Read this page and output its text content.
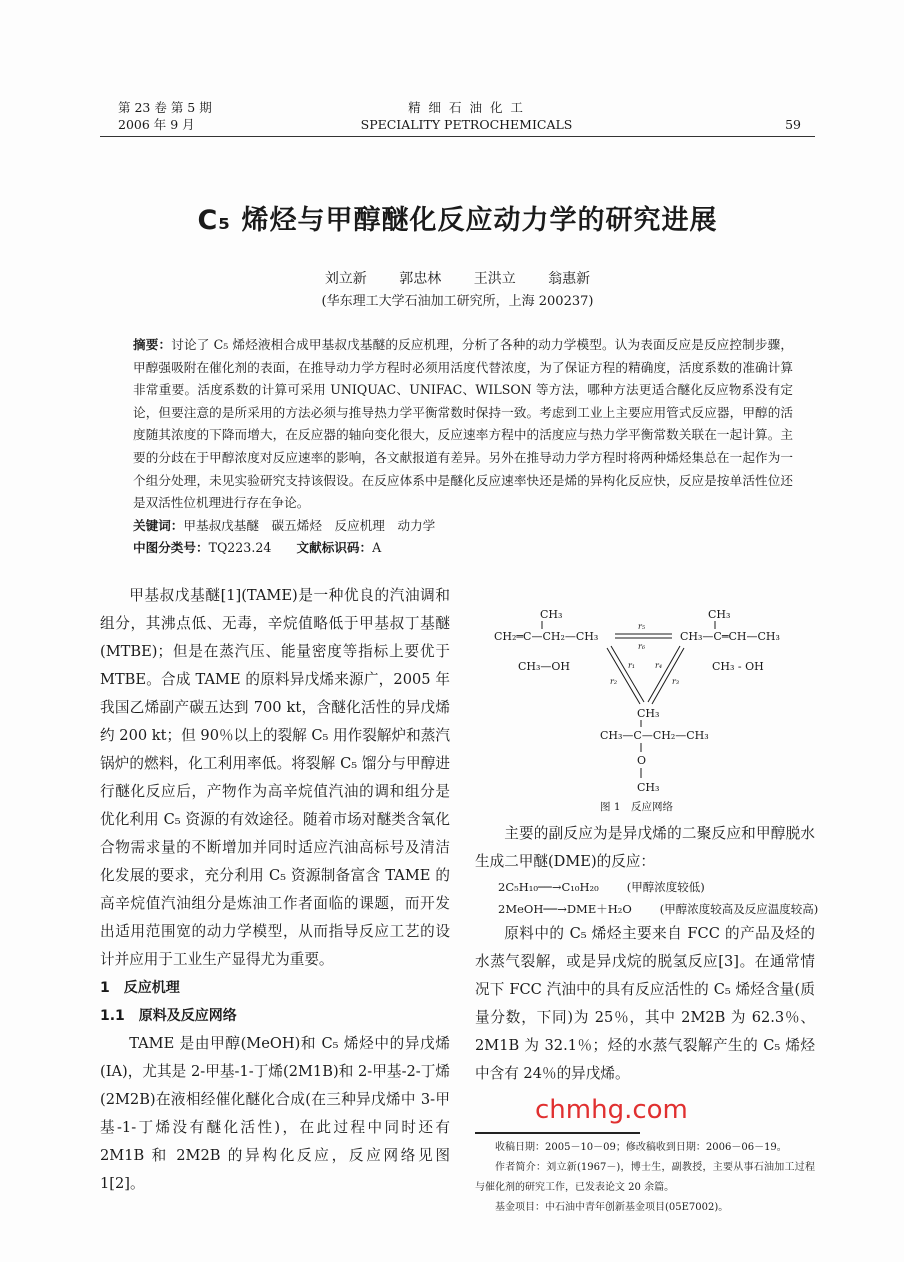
第 23 卷 第 5 期
2006 年 9 月
精 细 石 油 化 工
SPECIALITY PETROCHEMICALS	59
C₅ 烯烃与甲醇醚化反应动力学的研究进展
刘立新 郭忠林 王洪立 翁惠新
(华东理工大学石油加工研究所，上海 200237)
摘要：讨论了 C₅ 烯烃液相合成甲基叔戊基醚的反应机理，分析了各种的动力学模型。认为表面反应是反应控制步骤，甲醇强吸附在催化剂的表面，在推导动力学方程时必须用活度代替浓度，为了保证方程的精确度，活度系数的准确计算非常重要。活度系数的计算可采用 UNIQUAC、UNIFAC、WILSON 等方法，哪种方法更适合醚化反应物系没有定论，但要注意的是所采用的方法必须与推导热力学平衡常数时保持一致。考虑到工业上主要应用管式反应器，甲醇的活度随其浓度的下降而增大，在反应器的轴向变化很大，反应速率方程中的活度应与热力学平衡常数关联在一起计算。主要的分歧在于甲醇浓度对反应速率的影响，各文献报道有差异。另外在推导动力学方程时将两种烯烃集总在一起作为一个组分处理，未见实验研究支持该假设。在反应体系中是醚化反应速率快还是烯的异构化反应快，反应是按单活性位还是双活性位机理进行存在争论。
关键词：甲基叔戊基醚　碳五烯烃　反应机理　动力学
中图分类号：TQ223.24　　 文献标识码：A

甲基叔戊基醚[1](TAME)是一种优良的汽油调和组分，其沸点低、无毒，辛烷值略低于甲基叔丁基醚(MTBE)；但是在蒸汽压、能量密度等指标上要优于 MTBE。合成 TAME 的原料异戊烯来源广，2005 年我国乙烯副产碳五达到 700 kt，含醚化活性的异戊烯约 200 kt；但 90％以上的裂解 C₅ 用作裂解炉和蒸汽锅炉的燃料，化工利用率低。将裂解 C₅ 馏分与甲醇进行醚化反应后，产物作为高辛烷值汽油的调和组分是优化利用 C₅ 资源的有效途径。随着市场对醚类含氧化合物需求量的不断增加并同时适应汽油高标号及清洁化发展的要求，充分利用 C₅ 资源制备富含 TAME 的高辛烷值汽油组分是炼油工作者面临的课题，而开发出适用范围宽的动力学模型，从而指导反应工艺的设计并应用于工业生产显得尤为重要。

1　反应机理
1.1　原料及反应网络

TAME 是由甲醇(MeOH)和 C₅ 烯烃中的异戊烯(IA)，尤其是 2-甲基-1-丁烯(2M1B)和 2-甲基-2-丁烯(2M2B)在液相经催化醚化合成(在三种异戊烯中 3-甲基-1-丁烯没有醚化活性)，在此过程中同时还有 2M1B 和 2M2B 的异构化反应，反应网络见图 1[2]。

CH₃
CH₂═C—CH₂—CH₃
CH₃—OH
CH₃
CH₃—C═CH—CH₃
CH₃ - OH
r₅
r₆
r₁
r₂
r₄
r₃
CH₃
CH₃—C—CH₂—CH₃
O
CH₃
图 1　反应网络

主要的副反应为是异戊烯的二聚反应和甲醇脱水生成二甲醚(DME)的反应：

2C₅H₁₀──→C₁₀H₂₀ (甲醇浓度较低)
2MeOH──→DME＋H₂O (甲醇浓度较高及反应温度较高)

原料中的 C₅ 烯烃主要来自 FCC 的产品及烃的水蒸气裂解，或是异戊烷的脱氢反应[3]。在通常情况下 FCC 汽油中的具有反应活性的 C₅ 烯烃含量(质量分数，下同)为 25％，其中 2M2B 为 62.3％、2M1B 为 32.1％；烃的水蒸气裂解产生的 C₅ 烯烃中含有 24％的异戊烯。

chmhg.com

收稿日期：2005－10－09；修改稿收到日期：2006－06－19。

作者简介：刘立新(1967－)，博士生，副教授，主要从事石油加工过程与催化剂的研究工作，已发表论文 20 余篇。

基金项目：中石油中青年创新基金项目(05E7002)。
